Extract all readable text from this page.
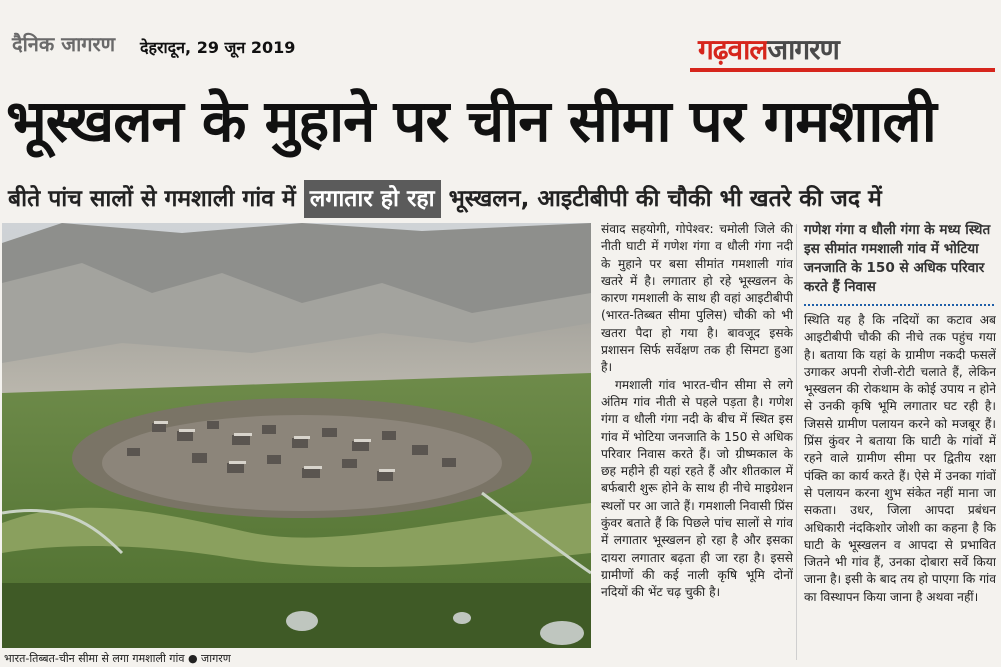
दैनिक जागरण देहरादून, 29 जून 2019	गढ़वालजागरण
भूस्खलन के मुहाने पर चीन सीमा पर गमशाली
बीते पांच सालों से गमशाली गांव में लगातार हो रहा भूस्खलन, आइटीबीपी की चौकी भी खतरे की जद में
भारत-तिब्बत-चीन सीमा से लगा गमशाली गांव ● जागरण

संवाद सहयोगी, गोपेश्वर: चमोली जिले की नीती घाटी में गणेश गंगा व धौली गंगा नदी के मुहाने पर बसा सीमांत गमशाली गांव खतरे में है। लगातार हो रहे भूस्खलन के कारण गमशाली के साथ ही वहां आइटीबीपी (भारत-तिब्बत सीमा पुलिस) चौकी को भी खतरा पैदा हो गया है। बावजूद इसके प्रशासन सिर्फ सर्वेक्षण तक ही सिमटा हुआ है।

गमशाली गांव भारत-चीन सीमा से लगे अंतिम गांव नीती से पहले पड़ता है। गणेश गंगा व धौली गंगा नदी के बीच में स्थित इस गांव में भोटिया जनजाति के 150 से अधिक परिवार निवास करते हैं। जो ग्रीष्मकाल के छह महीने ही यहां रहते हैं और शीतकाल में बर्फबारी शुरू होने के साथ ही नीचे माइग्रेशन स्थलों पर आ जाते हैं। गमशाली निवासी प्रिंस कुंवर बताते हैं कि पिछले पांच सालों से गांव में लगातार भूस्खलन हो रहा है और इसका दायरा लगातार बढ़ता ही जा रहा है। इससे ग्रामीणों की कई नाली कृषि भूमि दोनों नदियों की भेंट चढ़ चुकी है।

गणेश गंगा व धौली गंगा के मध्य स्थित इस सीमांत गमशाली गांव में भोटिया जनजाति के 150 से अधिक परिवार करते हैं निवास

स्थिति यह है कि नदियों का कटाव अब आइटीबीपी चौकी की नीचे तक पहुंच गया है। बताया कि यहां के ग्रामीण नकदी फसलें उगाकर अपनी रोजी-रोटी चलाते हैं, लेकिन भूस्खलन की रोकथाम के कोई उपाय न होने से उनकी कृषि भूमि लगातार घट रही है। जिससे ग्रामीण पलायन करने को मजबूर हैं। प्रिंस कुंवर ने बताया कि घाटी के गांवों में रहने वाले ग्रामीण सीमा पर द्वितीय रक्षा पंक्ति का कार्य करते हैं। ऐसे में उनका गांवों से पलायन करना शुभ संकेत नहीं माना जा सकता। उधर, जिला आपदा प्रबंधन अधिकारी नंदकिशोर जोशी का कहना है कि घाटी के भूस्खलन व आपदा से प्रभावित जितने भी गांव हैं, उनका दोबारा सर्वे किया जाना है। इसी के बाद तय हो पाएगा कि गांव का विस्थापन किया जाना है अथवा नहीं।
